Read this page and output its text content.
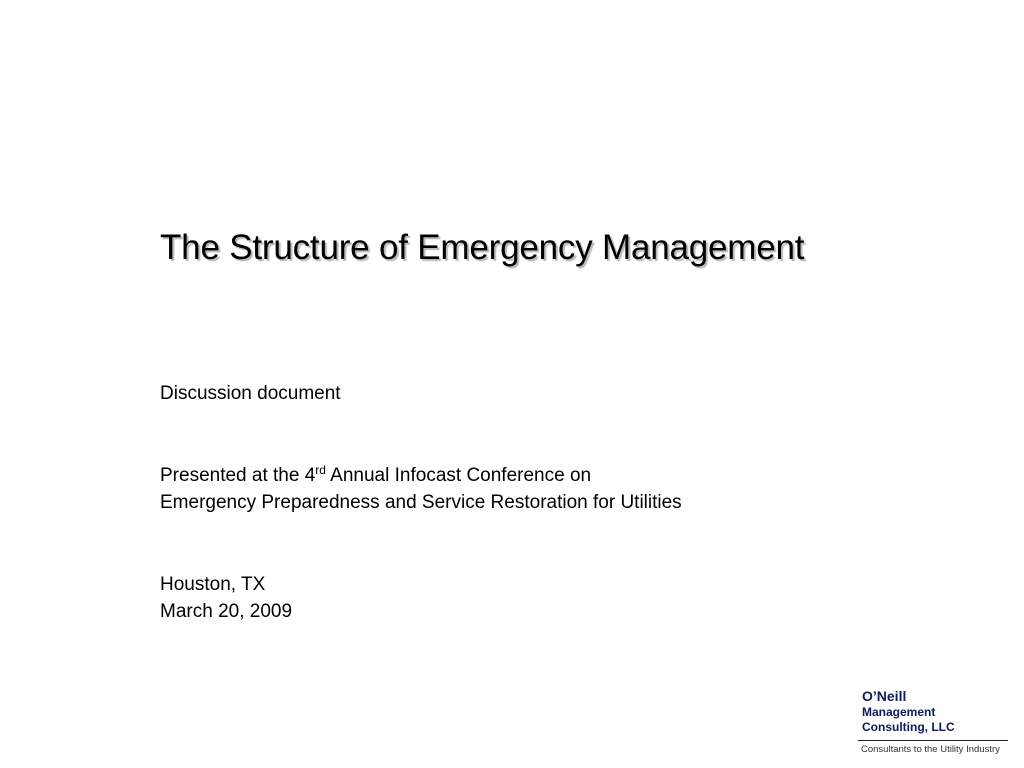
The Structure of Emergency Management
Discussion document
Presented at the 4rd Annual Infocast Conference on
Emergency Preparedness and Service Restoration for Utilities
Houston, TX
March 20, 2009
O’Neill
Management
Consulting, LLC
Consultants to the Utility Industry
